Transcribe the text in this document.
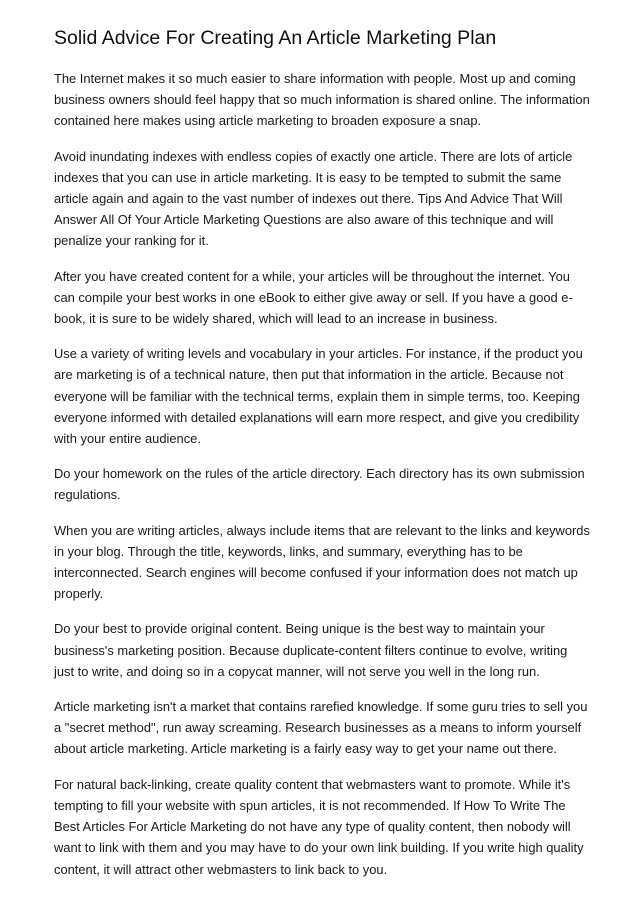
Solid Advice For Creating An Article Marketing Plan

The Internet makes it so much easier to share information with people. Most up and coming business owners should feel happy that so much information is shared online. The information contained here makes using article marketing to broaden exposure a snap.

Avoid inundating indexes with endless copies of exactly one article. There are lots of article indexes that you can use in article marketing. It is easy to be tempted to submit the same article again and again to the vast number of indexes out there. Tips And Advice That Will Answer All Of Your Article Marketing Questions are also aware of this technique and will penalize your ranking for it.

After you have created content for a while, your articles will be throughout the internet. You can compile your best works in one eBook to either give away or sell. If you have a good e-book, it is sure to be widely shared, which will lead to an increase in business.

Use a variety of writing levels and vocabulary in your articles. For instance, if the product you are marketing is of a technical nature, then put that information in the article. Because not everyone will be familiar with the technical terms, explain them in simple terms, too. Keeping everyone informed with detailed explanations will earn more respect, and give you credibility with your entire audience.

Do your homework on the rules of the article directory. Each directory has its own submission regulations.

When you are writing articles, always include items that are relevant to the links and keywords in your blog. Through the title, keywords, links, and summary, everything has to be interconnected. Search engines will become confused if your information does not match up properly.

Do your best to provide original content. Being unique is the best way to maintain your business's marketing position. Because duplicate-content filters continue to evolve, writing just to write, and doing so in a copycat manner, will not serve you well in the long run.

Article marketing isn't a market that contains rarefied knowledge. If some guru tries to sell you a "secret method", run away screaming. Research businesses as a means to inform yourself about article marketing. Article marketing is a fairly easy way to get your name out there.

For natural back-linking, create quality content that webmasters want to promote. While it's tempting to fill your website with spun articles, it is not recommended. If How To Write The Best Articles For Article Marketing do not have any type of quality content, then nobody will want to link with them and you may have to do your own link building. If you write high quality content, it will attract other webmasters to link back to you.
